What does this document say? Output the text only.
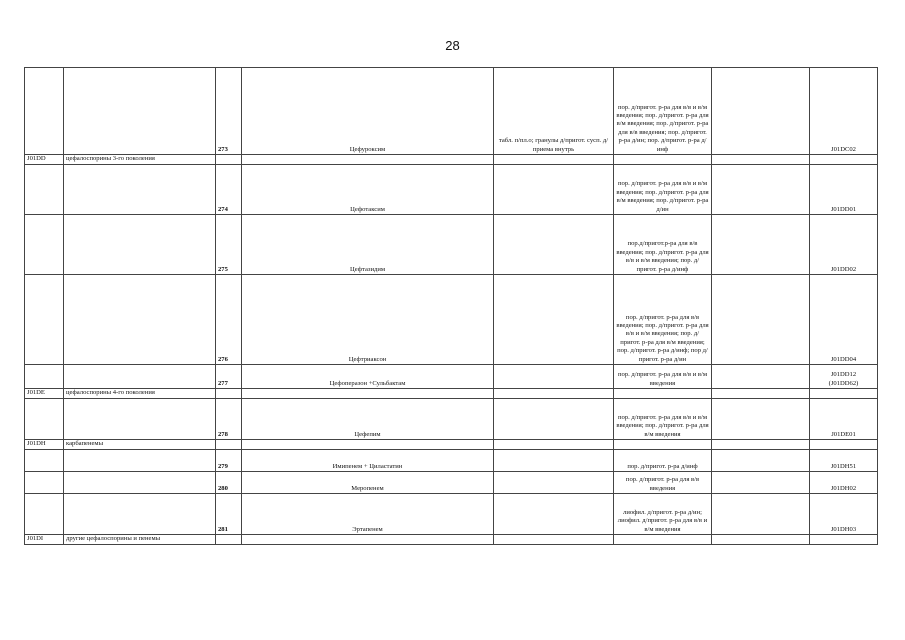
28
		273	Цефуроксим	табл. п/пл.о; гранулы д/пригот. сусп. д/приема внутрь	пор. д/пригот. р-ра для в/в и в/м введения; пор. д/пригот. р-ра для в/м введения; пор. д/пригот. р-ра для в/в введения; пор. д/пригот. р-ра д/ин; пор. д/пригот. р-ра д/инф		J01DC02
J01DD	цефалоспорины 3-го поколения						
		274	Цефотаксим		пор. д/пригот. р-ра для в/в и в/м введения; пор. д/пригот. р-ра для в/м введения; пор. д/пригот. р-ра д/ин		J01DD01
		275	Цефтазидим		пор.д/пригот.р-ра для в/в введения; пор. д/пригот. р-ра для в/в и в/м введения; пор. д/пригот. р-ра д/инф		J01DD02
		276	Цефтриаксон		пор. д/пригот. р-ра для в/в введения; пор. д/пригот. р-ра для в/в и в/м введения; пор. д/пригот. р-ра для в/м введения; пор. д/пригот. р-ра д/инф; пор д/пригот. р-ра д/ин		J01DD04
		277	Цефоперазон +Сульбактам		пор. д/пригот. р-ра для в/в и в/м введения		J01DD12
(J01DD62)
J01DE	цефалоспорины 4-го поколения						
		278	Цефепим		пор. д/пригот. р-ра для в/в и в/м введения; пор. д/пригот. р-ра для в/м введения		J01DE01
J01DH	карбапенемы						
		279	Имипенем + Циластатин		пор. д/пригот. р-ра д/инф		J01DH51
		280	Меропенем		пор. д/пригот. р-ра для в/в введения		J01DH02
		281	Эртапенем		лиофил. д/пригот. р-ра д/ин; лиофил. д/пригот. р-ра для в/в и в/м введения		J01DH03
J01DI	другие цефалоспорины и пенемы						
